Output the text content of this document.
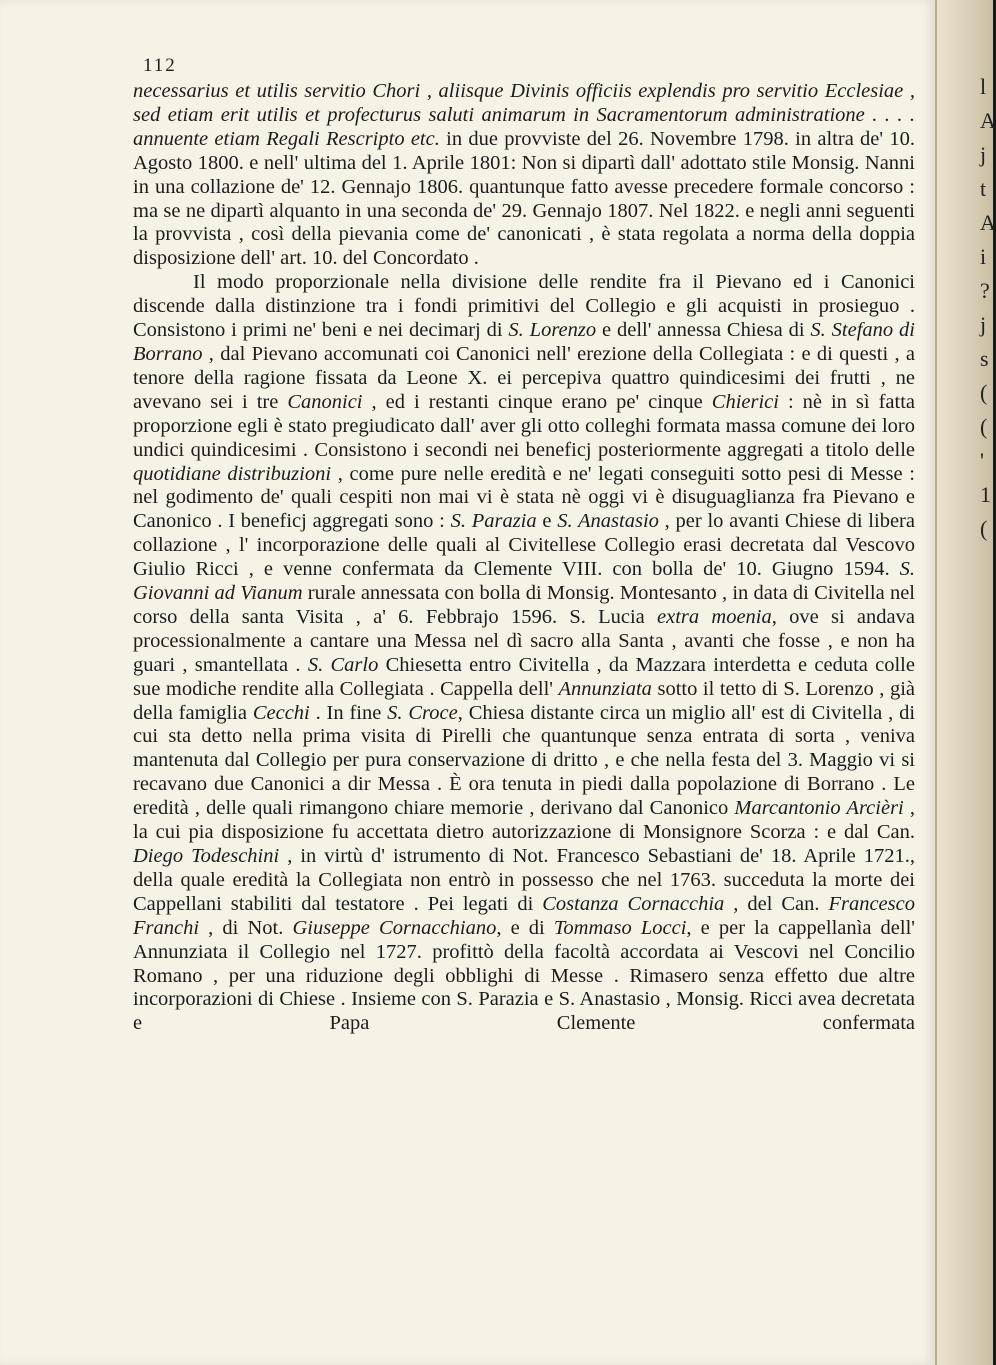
112

necessarius et utilis servitio Chori , aliisque Divinis officiis explendis pro servitio Ecclesiae , sed etiam erit utilis et profecturus saluti animarum in Sacramentorum administratione . . . . annuente etiam Regali Rescripto etc. in due provviste del 26. Novembre 1798. in altra de' 10. Agosto 1800. e nell' ultima del 1. Aprile 1801: Non si dipartì dall' adottato stile Monsig. Nanni in una collazione de' 12. Gennajo 1806. quantunque fatto avesse precedere formale concorso : ma se ne dipartì alquanto in una seconda de' 29. Gennajo 1807. Nel 1822. e negli anni seguenti la provvista , così della pievania come de' canonicati , è stata regolata a norma della doppia disposizione dell' art. 10. del Concordato .

Il modo proporzionale nella divisione delle rendite fra il Pievano ed i Canonici discende dalla distinzione tra i fondi primitivi del Collegio e gli acquisti in prosieguo . Consistono i primi ne' beni e nei decimarj di S. Lorenzo e dell' annessa Chiesa di S. Stefano di Borrano , dal Pievano accomunati coi Canonici nell' erezione della Collegiata : e di questi , a tenore della ragione fissata da Leone X. ei percepiva quattro quindicesimi dei frutti , ne avevano sei i tre Canonici , ed i restanti cinque erano pe' cinque Chierici : nè in sì fatta proporzione egli è stato pregiudicato dall' aver gli otto colleghi formata massa comune dei loro undici quindicesimi . Consistono i secondi nei beneficj posteriormente aggregati a titolo delle quotidiane distribuzioni , come pure nelle eredità e ne' legati conseguiti sotto pesi di Messe : nel godimento de' quali cespiti non mai vi è stata nè oggi vi è disuguaglianza fra Pievano e Canonico . I beneficj aggregati sono : S. Parazia e S. Anastasio , per lo avanti Chiese di libera collazione , l' incorporazione delle quali al Civitellese Collegio erasi decretata dal Vescovo Giulio Ricci , e venne confermata da Clemente VIII. con bolla de' 10. Giugno 1594. S. Giovanni ad Vianum rurale annessata con bolla di Monsig. Montesanto , in data di Civitella nel corso della santa Visita , a' 6. Febbrajo 1596. S. Lucia extra moenia, ove si andava processionalmente a cantare una Messa nel dì sacro alla Santa , avanti che fosse , e non ha guari , smantellata . S. Carlo Chiesetta entro Civitella , da Mazzara interdetta e ceduta colle sue modiche rendite alla Collegiata . Cappella dell' Annunziata sotto il tetto di S. Lorenzo , già della famiglia Cecchi . In fine S. Croce, Chiesa distante circa un miglio all' est di Civitella , di cui sta detto nella prima visita di Pirelli che quantunque senza entrata di sorta , veniva mantenuta dal Collegio per pura conservazione di dritto , e che nella festa del 3. Maggio vi si recavano due Canonici a dir Messa . È ora tenuta in piedi dalla popolazione di Borrano . Le eredità , delle quali rimangono chiare memorie , derivano dal Canonico Marcantonio Arcièri , la cui pia disposizione fu accettata dietro autorizzazione di Monsignore Scorza : e dal Can. Diego Todeschini , in virtù d' istrumento di Not. Francesco Sebastiani de' 18. Aprile 1721., della quale eredità la Collegiata non entrò in possesso che nel 1763. succeduta la morte dei Cappellani stabiliti dal testatore . Pei legati di Costanza Cornacchia , del Can. Francesco Franchi , di Not. Giuseppe Cornacchiano, e di Tommaso Locci, e per la cappellanìa dell' Annunziata il Collegio nel 1727. profittò della facoltà accordata ai Vescovi nel Concilio Romano , per una riduzione degli obblighi di Messe . Rimasero senza effetto due altre incorporazioni di Chiese . Insieme con S. Parazia e S. Anastasio , Monsig. Ricci avea decretata e Papa Clemente confermata

l
A
j
t
A
i
?
j
s
(
(
'
1
(
